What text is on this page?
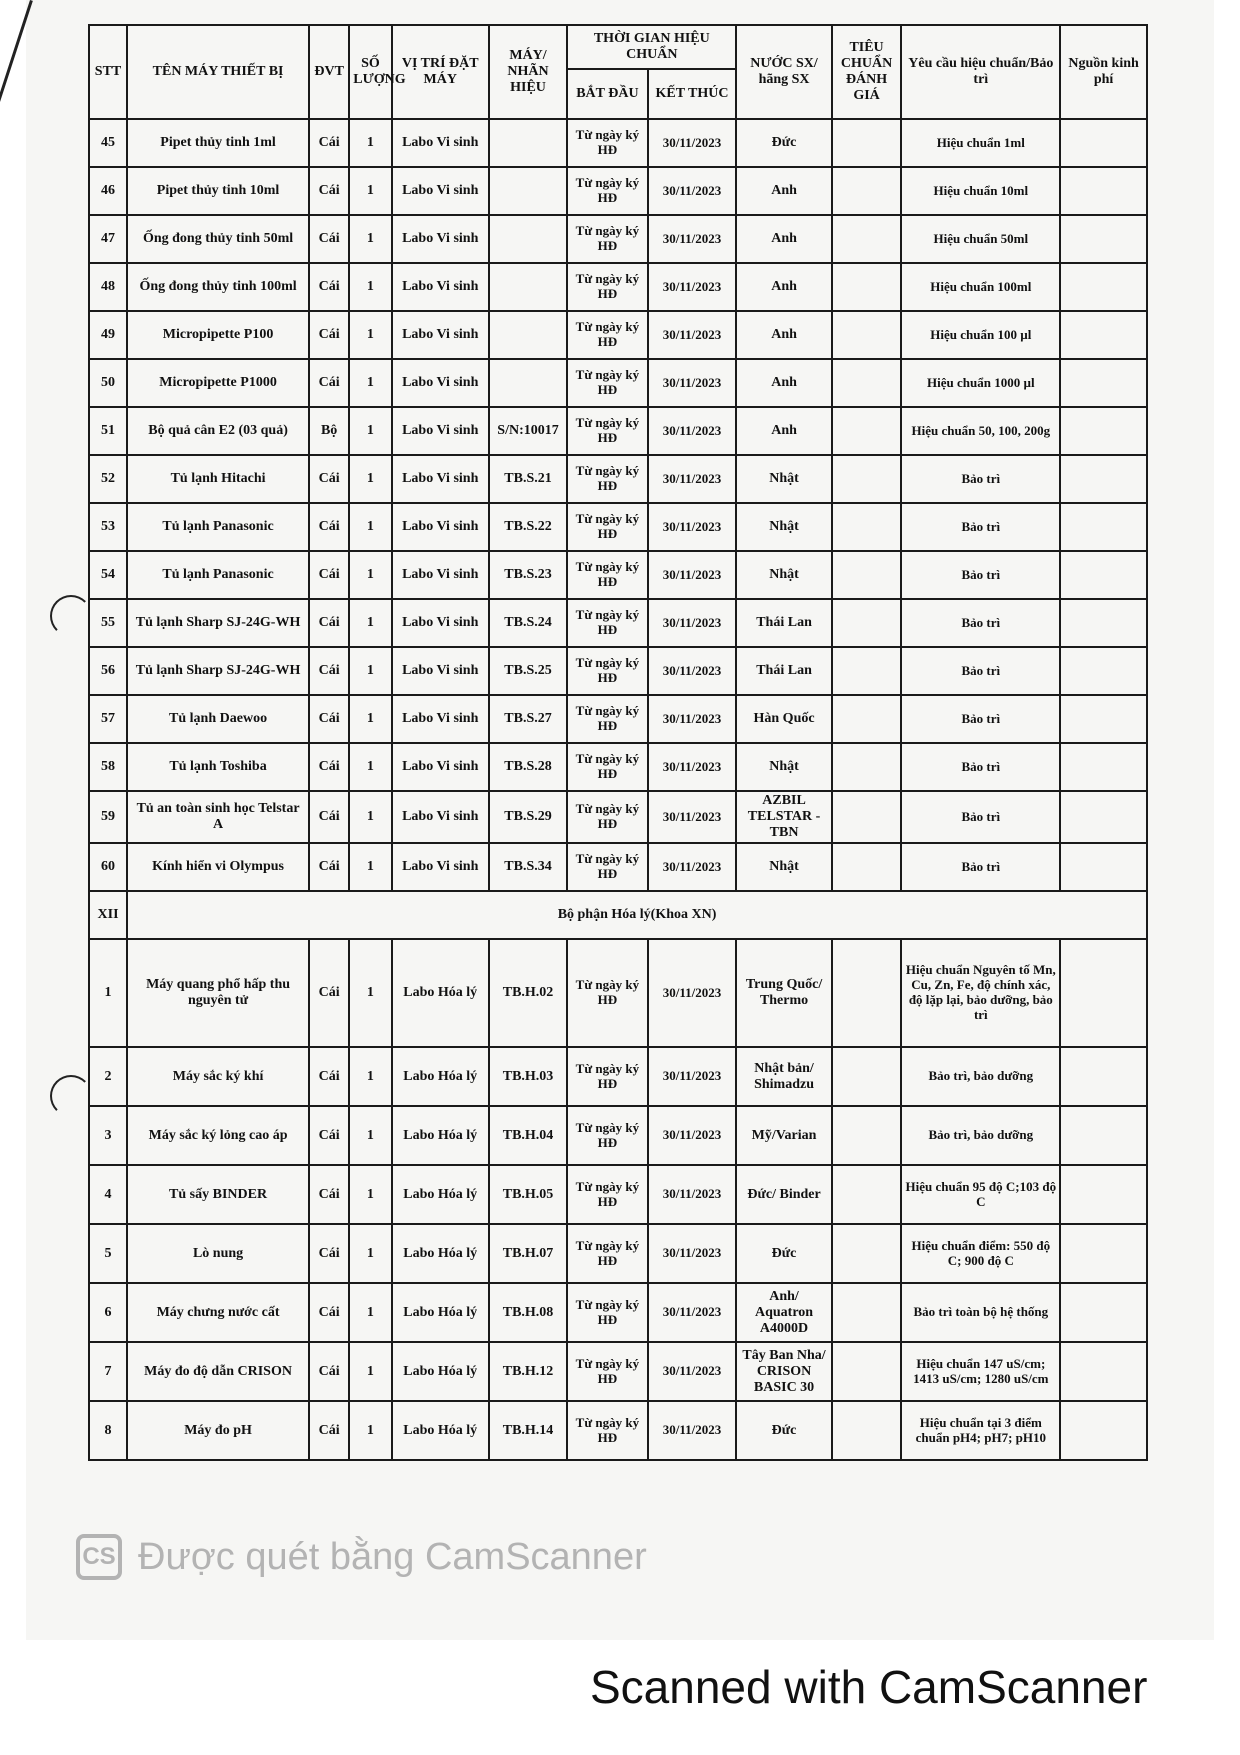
STT	TÊN MÁY THIẾT BỊ	ĐVT	SỐ LƯỢNG	VỊ TRÍ ĐẶT MÁY	MÁY/ NHÃN HIỆU	THỜI GIAN HIỆU CHUẨN		NƯỚC SX/ hãng SX	TIÊU CHUẨN ĐÁNH GIÁ	Yêu cầu hiệu chuẩn/Bảo trì	Nguồn kinh phí
						BẮT ĐẦU	KẾT THÚC				
45	Pipet thủy tinh 1ml	Cái	1	Labo Vi sinh		Từ ngày ký HĐ	30/11/2023	Đức		Hiệu chuẩn 1ml	
46	Pipet thủy tinh 10ml	Cái	1	Labo Vi sinh		Từ ngày ký HĐ	30/11/2023	Anh		Hiệu chuẩn 10ml	
47	Ống đong thủy tinh 50ml	Cái	1	Labo Vi sinh		Từ ngày ký HĐ	30/11/2023	Anh		Hiệu chuẩn 50ml	
48	Ống đong thủy tinh 100ml	Cái	1	Labo Vi sinh		Từ ngày ký HĐ	30/11/2023	Anh		Hiệu chuẩn 100ml	
49	Micropipette P100	Cái	1	Labo Vi sinh		Từ ngày ký HĐ	30/11/2023	Anh		Hiệu chuẩn 100 µl	
50	Micropipette P1000	Cái	1	Labo Vi sinh		Từ ngày ký HĐ	30/11/2023	Anh		Hiệu chuẩn 1000 µl	
51	Bộ quả cân E2 (03 quả)	Bộ	1	Labo Vi sinh	S/N:10017	Từ ngày ký HĐ	30/11/2023	Anh		Hiệu chuẩn 50, 100, 200g	
52	Tủ lạnh Hitachi	Cái	1	Labo Vi sinh	TB.S.21	Từ ngày ký HĐ	30/11/2023	Nhật		Bảo trì	
53	Tủ lạnh Panasonic	Cái	1	Labo Vi sinh	TB.S.22	Từ ngày ký HĐ	30/11/2023	Nhật		Bảo trì	
54	Tủ lạnh Panasonic	Cái	1	Labo Vi sinh	TB.S.23	Từ ngày ký HĐ	30/11/2023	Nhật		Bảo trì	
55	Tủ lạnh Sharp SJ-24G-WH	Cái	1	Labo Vi sinh	TB.S.24	Từ ngày ký HĐ	30/11/2023	Thái Lan		Bảo trì	
56	Tủ lạnh Sharp SJ-24G-WH	Cái	1	Labo Vi sinh	TB.S.25	Từ ngày ký HĐ	30/11/2023	Thái Lan		Bảo trì	
57	Tủ lạnh Daewoo	Cái	1	Labo Vi sinh	TB.S.27	Từ ngày ký HĐ	30/11/2023	Hàn Quốc		Bảo trì	
58	Tủ lạnh Toshiba	Cái	1	Labo Vi sinh	TB.S.28	Từ ngày ký HĐ	30/11/2023	Nhật		Bảo trì	
59	Tủ an toàn sinh học Telstar A	Cái	1	Labo Vi sinh	TB.S.29	Từ ngày ký HĐ	30/11/2023	AZBIL TELSTAR - TBN		Bảo trì	
60	Kính hiển vi Olympus	Cái	1	Labo Vi sinh	TB.S.34	Từ ngày ký HĐ	30/11/2023	Nhật		Bảo trì	
XII	Bộ phận Hóa lý(Khoa XN)										
1	Máy quang phổ hấp thu nguyên tử	Cái	1	Labo Hóa lý	TB.H.02	Từ ngày ký HĐ	30/11/2023	Trung Quốc/ Thermo		Hiệu chuẩn Nguyên tố Mn, Cu, Zn, Fe, độ chính xác, độ lặp lại, bảo dưỡng, bảo trì	
2	Máy sắc ký khí	Cái	1	Labo Hóa lý	TB.H.03	Từ ngày ký HĐ	30/11/2023	Nhật bản/ Shimadzu		Bảo trì, bảo dưỡng	
3	Máy sắc ký lỏng cao áp	Cái	1	Labo Hóa lý	TB.H.04	Từ ngày ký HĐ	30/11/2023	Mỹ/Varian		Bảo trì, bảo dưỡng	
4	Tủ sấy BINDER	Cái	1	Labo Hóa lý	TB.H.05	Từ ngày ký HĐ	30/11/2023	Đức/ Binder		Hiệu chuẩn 95 độ C;103 độ C	
5	Lò nung	Cái	1	Labo Hóa lý	TB.H.07	Từ ngày ký HĐ	30/11/2023	Đức		Hiệu chuẩn điểm: 550 độ C; 900 độ C	
6	Máy chưng nước cất	Cái	1	Labo Hóa lý	TB.H.08	Từ ngày ký HĐ	30/11/2023	Anh/ Aquatron A4000D		Bảo trì toàn bộ hệ thống	
7	Máy đo độ dẫn CRISON	Cái	1	Labo Hóa lý	TB.H.12	Từ ngày ký HĐ	30/11/2023	Tây Ban Nha/ CRISON BASIC 30		Hiệu chuẩn 147 uS/cm; 1413 uS/cm; 1280 uS/cm	
8	Máy đo pH	Cái	1	Labo Hóa lý	TB.H.14	Từ ngày ký HĐ	30/11/2023	Đức		Hiệu chuẩn tại 3 điểm chuẩn pH4; pH7; pH10	
CS Được quét bằng CamScanner
Scanned with CamScanner
